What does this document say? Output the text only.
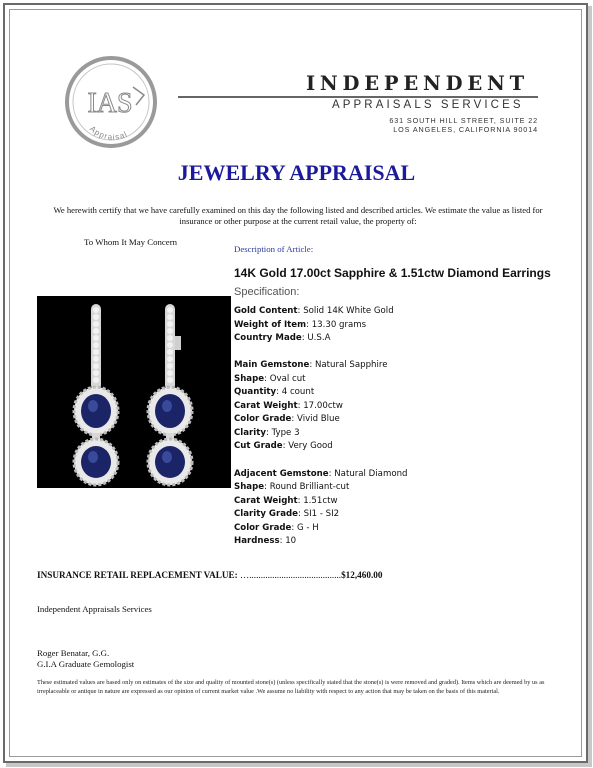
IAS
Appraisal
INDEPENDENT
APPRAISALS SERVICES
631 SOUTH HILL STREET, SUITE 22
LOS ANGELES, CALIFORNIA 90014
JEWELRY APPRAISAL
We herewith certify that we have carefully examined on this day the following listed and described articles. We estimate the value as listed for insurance or other purpose at the current retail value, the property of:
To Whom It May Concern
Description of Article:
14K Gold 17.00ct Sapphire & 1.51ctw Diamond Earrings
Specification:
Gold Content: Solid 14K White Gold
Weight of Item: 13.30 grams
Country Made: U.S.A
Main Gemstone: Natural Sapphire
Shape: Oval cut
Quantity: 4 count
Carat Weight: 17.00ctw
Color Grade: Vivid Blue
Clarity: Type 3
Cut Grade: Very Good
Adjacent Gemstone: Natural Diamond
Shape: Round Brilliant-cut
Carat Weight: 1.51ctw
Clarity Grade: SI1 - SI2
Color Grade: G - H
Hardness: 10
INSURANCE RETAIL REPLACEMENT VALUE: …........................................$12,460.00
Independent Appraisals Services
Roger Benatar, G.G.
G.I.A Graduate Gemologist
These estimated values are based only on estimates of the size and quality of mounted stone(s) (unless specifically stated that the stone(s) is were removed and graded). Items which are deemed by us as irreplaceable or antique in nature are expressed as our opinion of current market value .We assume no liability with respect to any action that may be taken on the basis of this material.
